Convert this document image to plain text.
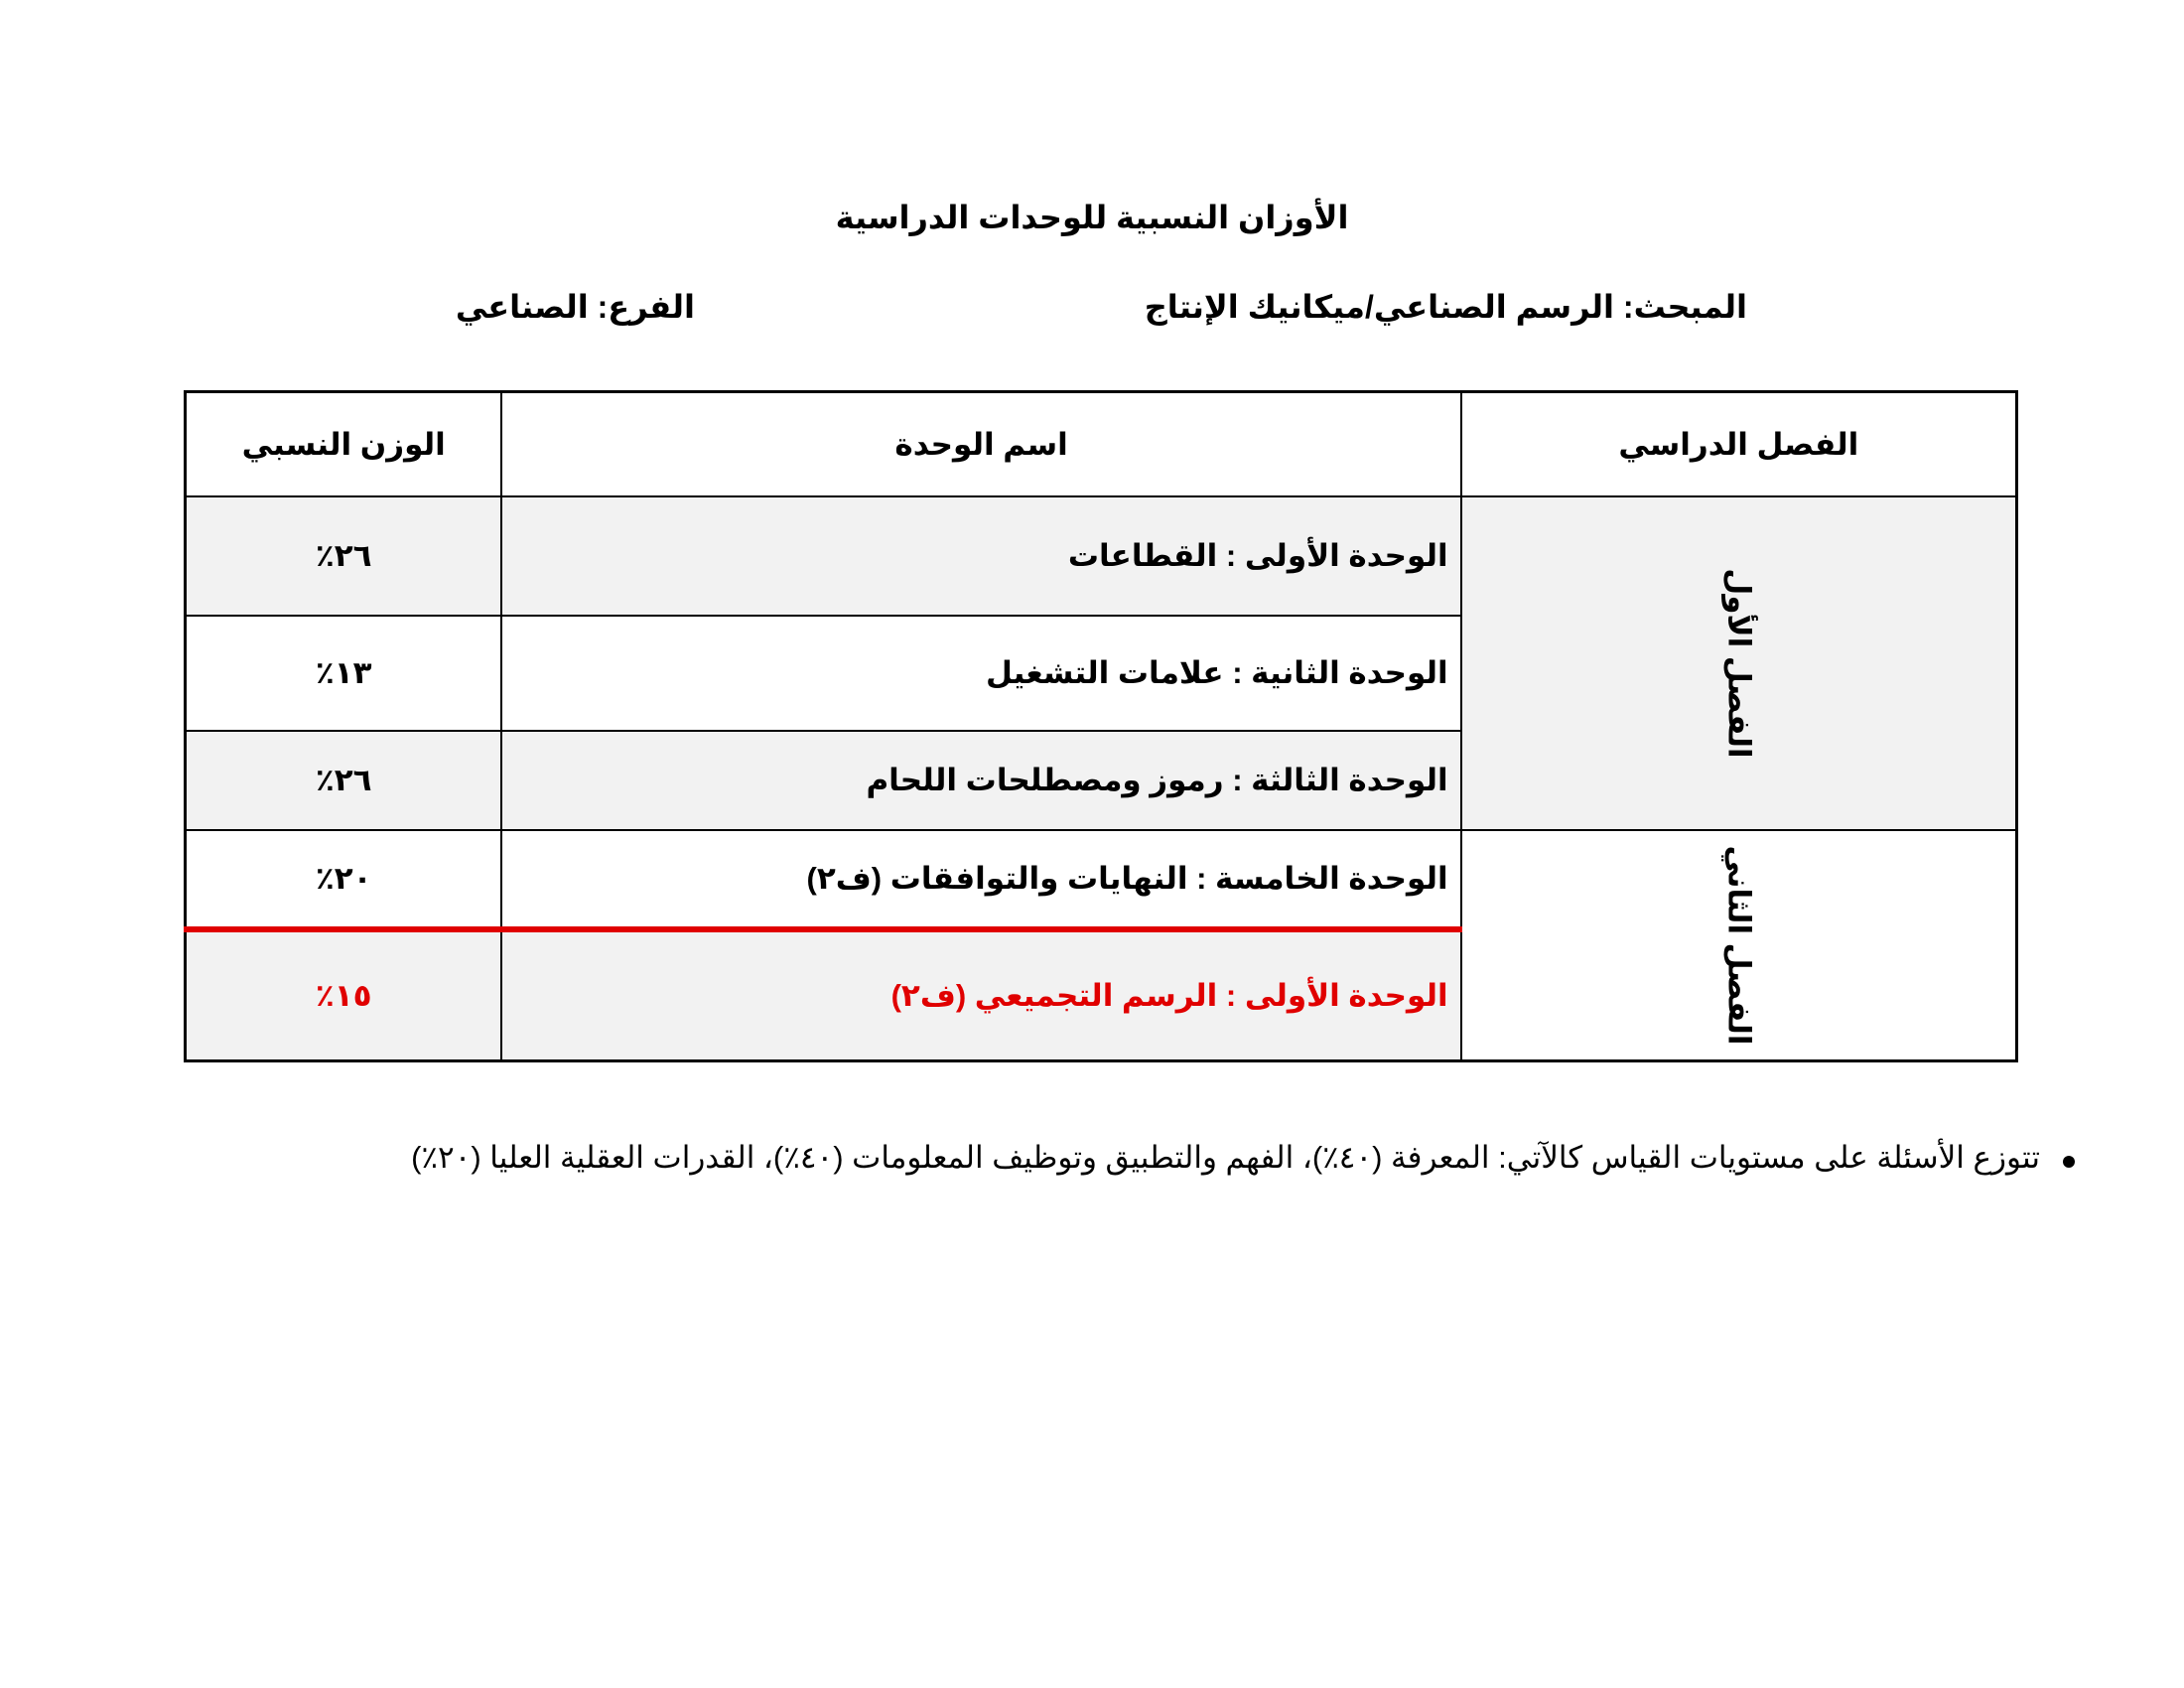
الأوزان النسبية للوحدات الدراسية

المبحث: الرسم الصناعي/ميكانيك الإنتاج

الفرع: الصناعي

الفصل الدراسي	اسم الوحدة	الوزن النسبي
الفصل الأول	الوحدة الأولى : القطاعات	٢٦٪
	الوحدة الثانية : علامات التشغيل	١٣٪
	الوحدة الثالثة : رموز ومصطلحات اللحام	٢٦٪
الفصل الثاني	الوحدة الخامسة : النهايات والتوافقات (ف٢)	٢٠٪
	الوحدة الأولى : الرسم التجميعي (ف٢)	١٥٪

تتوزع الأسئلة على مستويات القياس كالآتي: المعرفة (٤٠٪)، الفهم والتطبيق وتوظيف المعلومات (٤٠٪)، القدرات العقلية العليا (٢٠٪)
